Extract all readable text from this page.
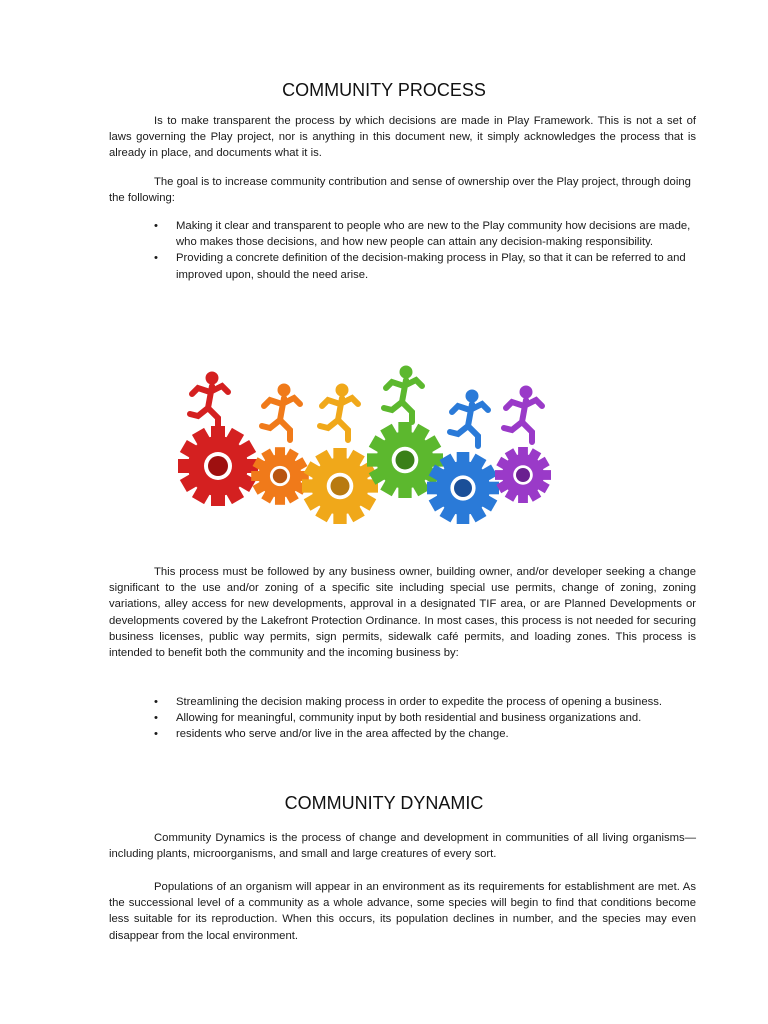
COMMUNITY PROCESS

Is to make transparent the process by which decisions are made in Play Framework. This is not a set of laws governing the Play project, nor is anything in this document new, it simply acknowledges the process that is already in place, and documents what it is.

The goal is to increase community contribution and sense of ownership over the Play project, through doing the following:

• Making it clear and transparent to people who are new to the Play community how decisions are made, who makes those decisions, and how new people can attain any decision-making responsibility.
• Providing a concrete definition of the decision-making process in Play, so that it can be referred to and improved upon, should the need arise.

This process must be followed by any business owner, building owner, and/or developer seeking a change significant to the use and/or zoning of a specific site including special use permits, change of zoning, zoning variations, alley access for new developments, approval in a designated TIF area, or are Planned Developments or developments covered by the Lakefront Protection Ordinance. In most cases, this process is not needed for securing business licenses, public way permits, sign permits, sidewalk café permits, and loading zones. This process is intended to benefit both the community and the incoming business by:

• Streamlining the decision making process in order to expedite the process of opening a business.
• Allowing for meaningful, community input by both residential and business organizations and.
• residents who serve and/or live in the area affected by the change.
COMMUNITY DYNAMIC

Community Dynamics is the process of change and development in communities of all living organisms—including plants, microorganisms, and small and large creatures of every sort.

Populations of an organism will appear in an environment as its requirements for establishment are met. As the successional level of a community as a whole advance, some species will begin to find that conditions become less suitable for its reproduction. When this occurs, its population declines in number, and the species may even disappear from the local environment.
